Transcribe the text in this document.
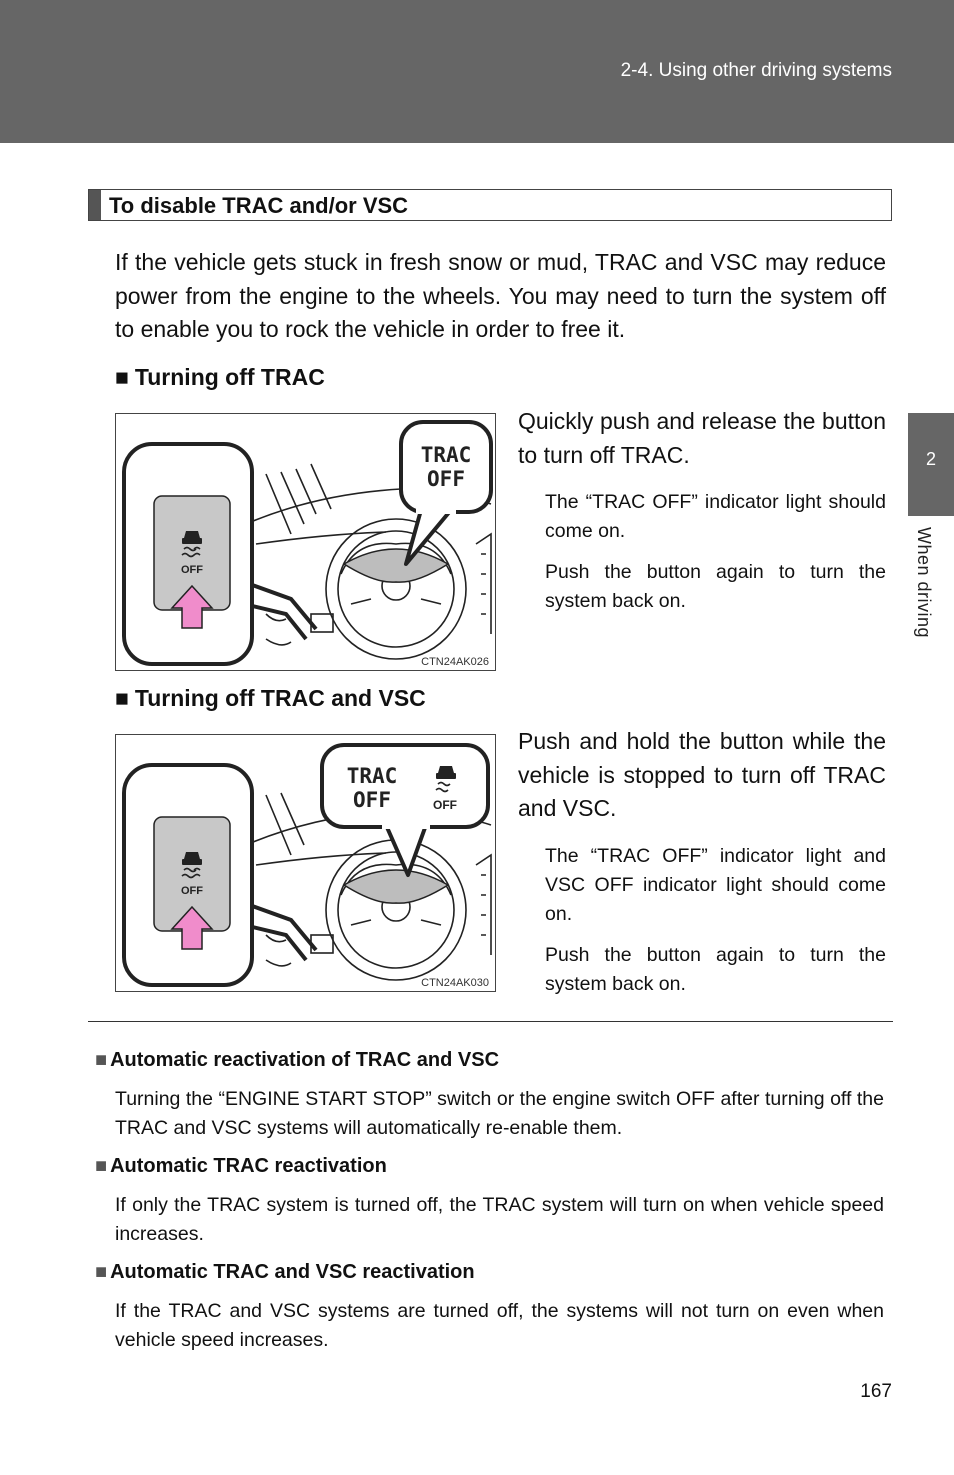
2-4. Using other driving systems
2
When driving
To disable TRAC and/or VSC
If the vehicle gets stuck in fresh snow or mud, TRAC and VSC may reduce power from the engine to the wheels. You may need to turn the system off to enable you to rock the vehicle in order to free it.
■ Turning off TRAC
TRAC
OFF
OFF
CTN24AK026
Quickly push and release the button to turn off TRAC.
The “TRAC OFF” indicator light should come on.
Push the button again to turn the system back on.
■ Turning off TRAC and VSC
TRAC
OFF	OFF
OFF
CTN24AK030
Push and hold the button while the vehicle is stopped to turn off TRAC and VSC.
The “TRAC OFF” indicator light and VSC OFF indicator light should come on.
Push the button again to turn the system back on.
■ Automatic reactivation of TRAC and VSC
Turning the “ENGINE START STOP” switch or the engine switch OFF after turning off the TRAC and VSC systems will automatically re-enable them.
■ Automatic TRAC reactivation
If only the TRAC system is turned off, the TRAC system will turn on when vehicle speed increases.
■ Automatic TRAC and VSC reactivation
If the TRAC and VSC systems are turned off, the systems will not turn on even when vehicle speed increases.
167
